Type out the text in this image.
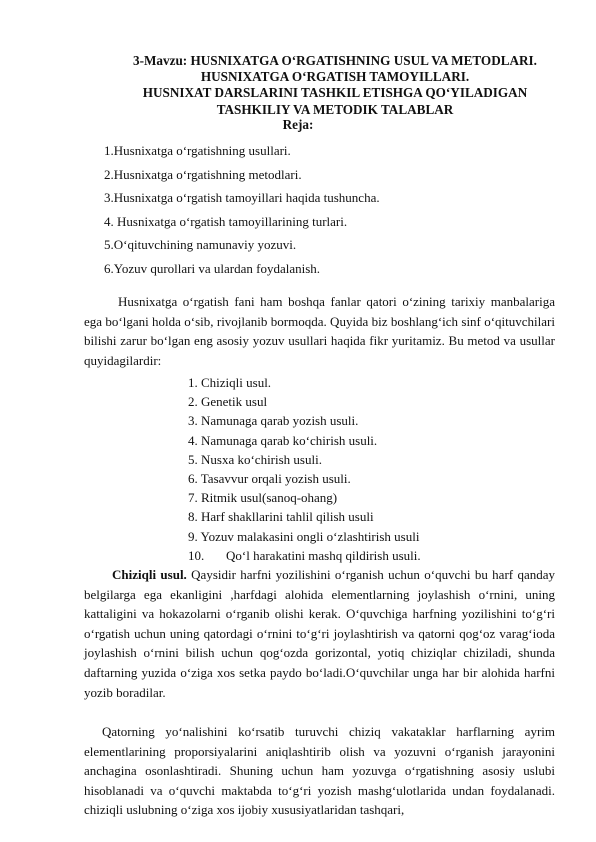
3-Mavzu: HUSNIXATGA O‘RGATISHNING USUL VA METODLARI.
HUSNIXATGA O‘RGATISH TAMOYILLARI.
HUSNIXAT DARSLARINI TASHKIL ETISHGA QO‘YILADIGAN
TASHKILIY VA METODIK TALABLAR
Reja:
1.Husnixatga o‘rgatishning usullari.
2.Husnixatga o‘rgatishning metodlari.
3.Husnixatga o‘rgatish tamoyillari haqida tushuncha.
4. Husnixatga o‘rgatish tamoyillarining turlari.
5.O‘qituvchining namunaviy yozuvi.
6.Yozuv qurollari va ulardan foydalanish.

Husnixatga o‘rgatish fani ham boshqa fanlar qatori o‘zining tarixiy manbalariga ega bo‘lgani holda o‘sib, rivojlanib bormoqda. Quyida biz boshlang‘ich sinf o‘qituvchilari bilishi zarur bo‘lgan eng asosiy yozuv usullari haqida fikr yuritamiz. Bu metod va usullar quyidagilardir:

1. Chiziqli usul.
2. Genetik usul
3. Namunaga qarab yozish usuli.
4. Namunaga qarab ko‘chirish usuli.
5. Nusxa ko‘chirish usuli.
6. Tasavvur orqali yozish usuli.
7. Ritmik usul(sanoq-ohang)
8. Harf shakllarini tahlil qilish usuli
9. Yozuv malakasini ongli o‘zlashtirish usuli
10. Qo‘l harakatini mashq qildirish usuli.

Chiziqli usul. Qaysidir harfni yozilishini o‘rganish uchun o‘quvchi bu harf qanday belgilarga ega ekanligini ,harfdagi alohida elementlarning joylashish o‘rnini, uning kattaligini va hokazolarni o‘rganib olishi kerak. O‘quvchiga harfning yozilishini to‘g‘ri o‘rgatish uchun uning qatordagi o‘rnini to‘g‘ri joylashtirish va qatorni qog‘oz varag‘ioda joylashish o‘rnini bilish uchun qog‘ozda gorizontal, yotiq chiziqlar chiziladi, shunda daftarning yuzida o‘ziga xos setka paydo bo‘ladi.O‘quvchilar unga har bir alohida harfni yozib boradilar.

Qatorning yo‘nalishini ko‘rsatib turuvchi chiziq vakataklar harflarning ayrim elementlarining proporsiyalarini aniqlashtirib olish va yozuvni o‘rganish jarayonini anchagina osonlashtiradi. Shuning uchun ham yozuvga o‘rgatishning asosiy uslubi hisoblanadi va o‘quvchi maktabda to‘g‘ri yozish mashg‘ulotlarida undan foydalanadi. chiziqli uslubning o‘ziga xos ijobiy xususiyatlaridan tashqari,
